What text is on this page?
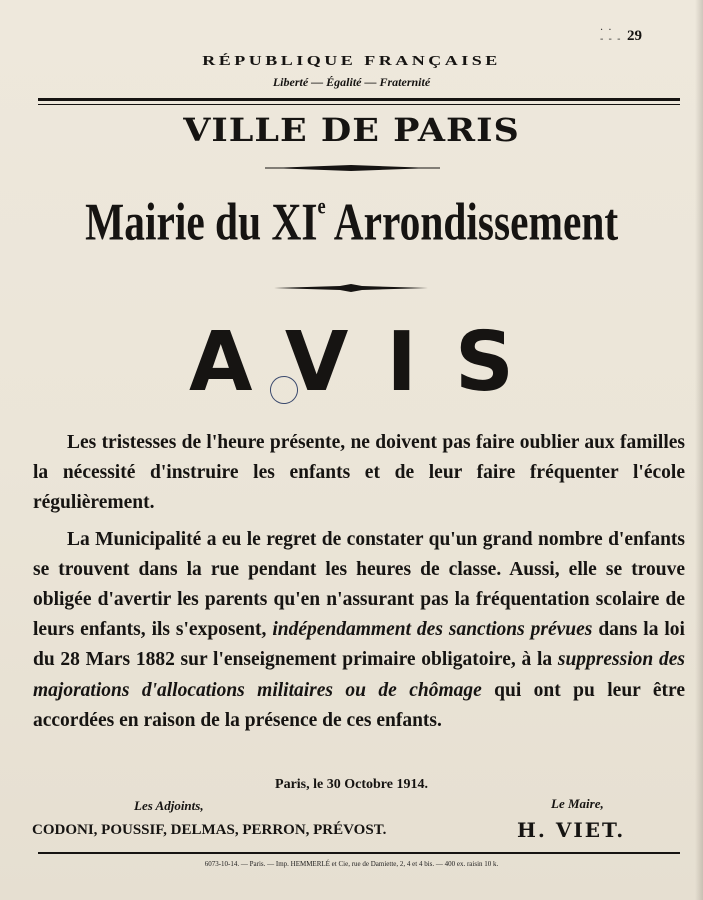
· ·
- - - 29
RÉPUBLIQUE FRANÇAISE
Liberté — Égalité — Fraternité
VILLE DE PARIS
Mairie du XIe Arrondissement
AVIS

Les tristesses de l'heure présente, ne doivent pas faire oublier aux familles la nécessité d'instruire les enfants et de leur faire fréquenter l'école régulièrement.

La Municipalité a eu le regret de constater qu'un grand nombre d'enfants se trouvent dans la rue pendant les heures de classe. Aussi, elle se trouve obligée d'avertir les parents qu'en n'assurant pas la fréquentation scolaire de leurs enfants, ils s'exposent, indépendamment des sanctions prévues dans la loi du 28 Mars 1882 sur l'enseignement primaire obligatoire, à la suppression des majorations d'allocations militaires ou de chômage qui ont pu leur être accordées en raison de la présence de ces enfants.

Paris, le 30 Octobre 1914.
Les Adjoints,	Le Maire,
CODONI, POUSSIF, DELMAS, PERRON, PRÉVOST.	H. VIET.
6073-10-14. — Paris. — Imp. HEMMERLÉ et Cie, rue de Damiette, 2, 4 et 4 bis. — 400 ex. raisin 10 k.
